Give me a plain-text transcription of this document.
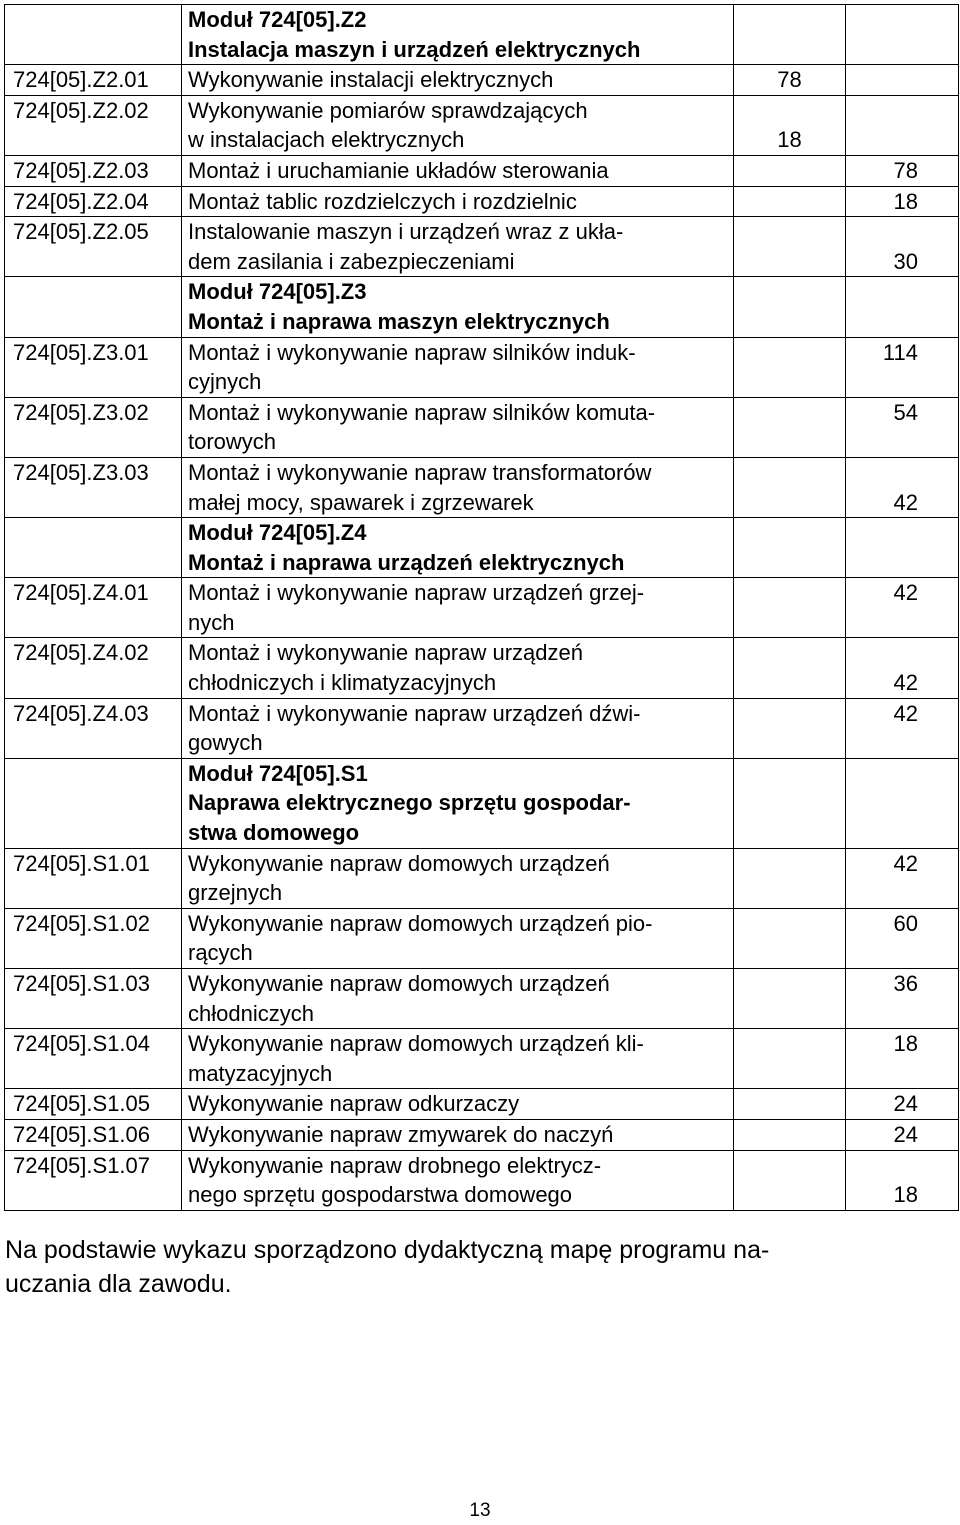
	Moduł 724[05].Z2
Instalacja maszyn i urządzeń elektrycznych		
724[05].Z2.01	Wykonywanie instalacji elektrycznych	78	
724[05].Z2.02	Wykonywanie pomiarów sprawdzających
w instalacjach elektrycznych	18	
724[05].Z2.03	Montaż i uruchamianie układów sterowania		78
724[05].Z2.04	Montaż tablic rozdzielczych i rozdzielnic		18
724[05].Z2.05	Instalowanie maszyn i urządzeń wraz z ukła-
dem zasilania i zabezpieczeniami		30
	Moduł 724[05].Z3
Montaż i naprawa maszyn elektrycznych		
724[05].Z3.01	Montaż i wykonywanie napraw silników induk-
cyjnych		114
724[05].Z3.02	Montaż i wykonywanie napraw silników komuta-
torowych		54
724[05].Z3.03	Montaż i wykonywanie napraw transformatorów
małej mocy, spawarek i zgrzewarek		42
	Moduł 724[05].Z4
Montaż i naprawa urządzeń elektrycznych		
724[05].Z4.01	Montaż i wykonywanie napraw urządzeń grzej-
nych		42
724[05].Z4.02	Montaż i wykonywanie napraw urządzeń
chłodniczych i klimatyzacyjnych		42
724[05].Z4.03	Montaż i wykonywanie napraw urządzeń dźwi-
gowych		42
	Moduł 724[05].S1
Naprawa elektrycznego sprzętu gospodar-
stwa domowego		
724[05].S1.01	Wykonywanie napraw domowych urządzeń
grzejnych		42
724[05].S1.02	Wykonywanie napraw domowych urządzeń pio-
rących		60
724[05].S1.03	Wykonywanie napraw domowych urządzeń
chłodniczych		36
724[05].S1.04	Wykonywanie napraw domowych urządzeń kli-
matyzacyjnych		18
724[05].S1.05	Wykonywanie napraw odkurzaczy		24
724[05].S1.06	Wykonywanie napraw zmywarek do naczyń		24
724[05].S1.07	Wykonywanie napraw drobnego elektrycz-
nego sprzętu gospodarstwa domowego		18
Na podstawie wykazu sporządzono dydaktyczną mapę programu na-
uczania dla zawodu.
13
